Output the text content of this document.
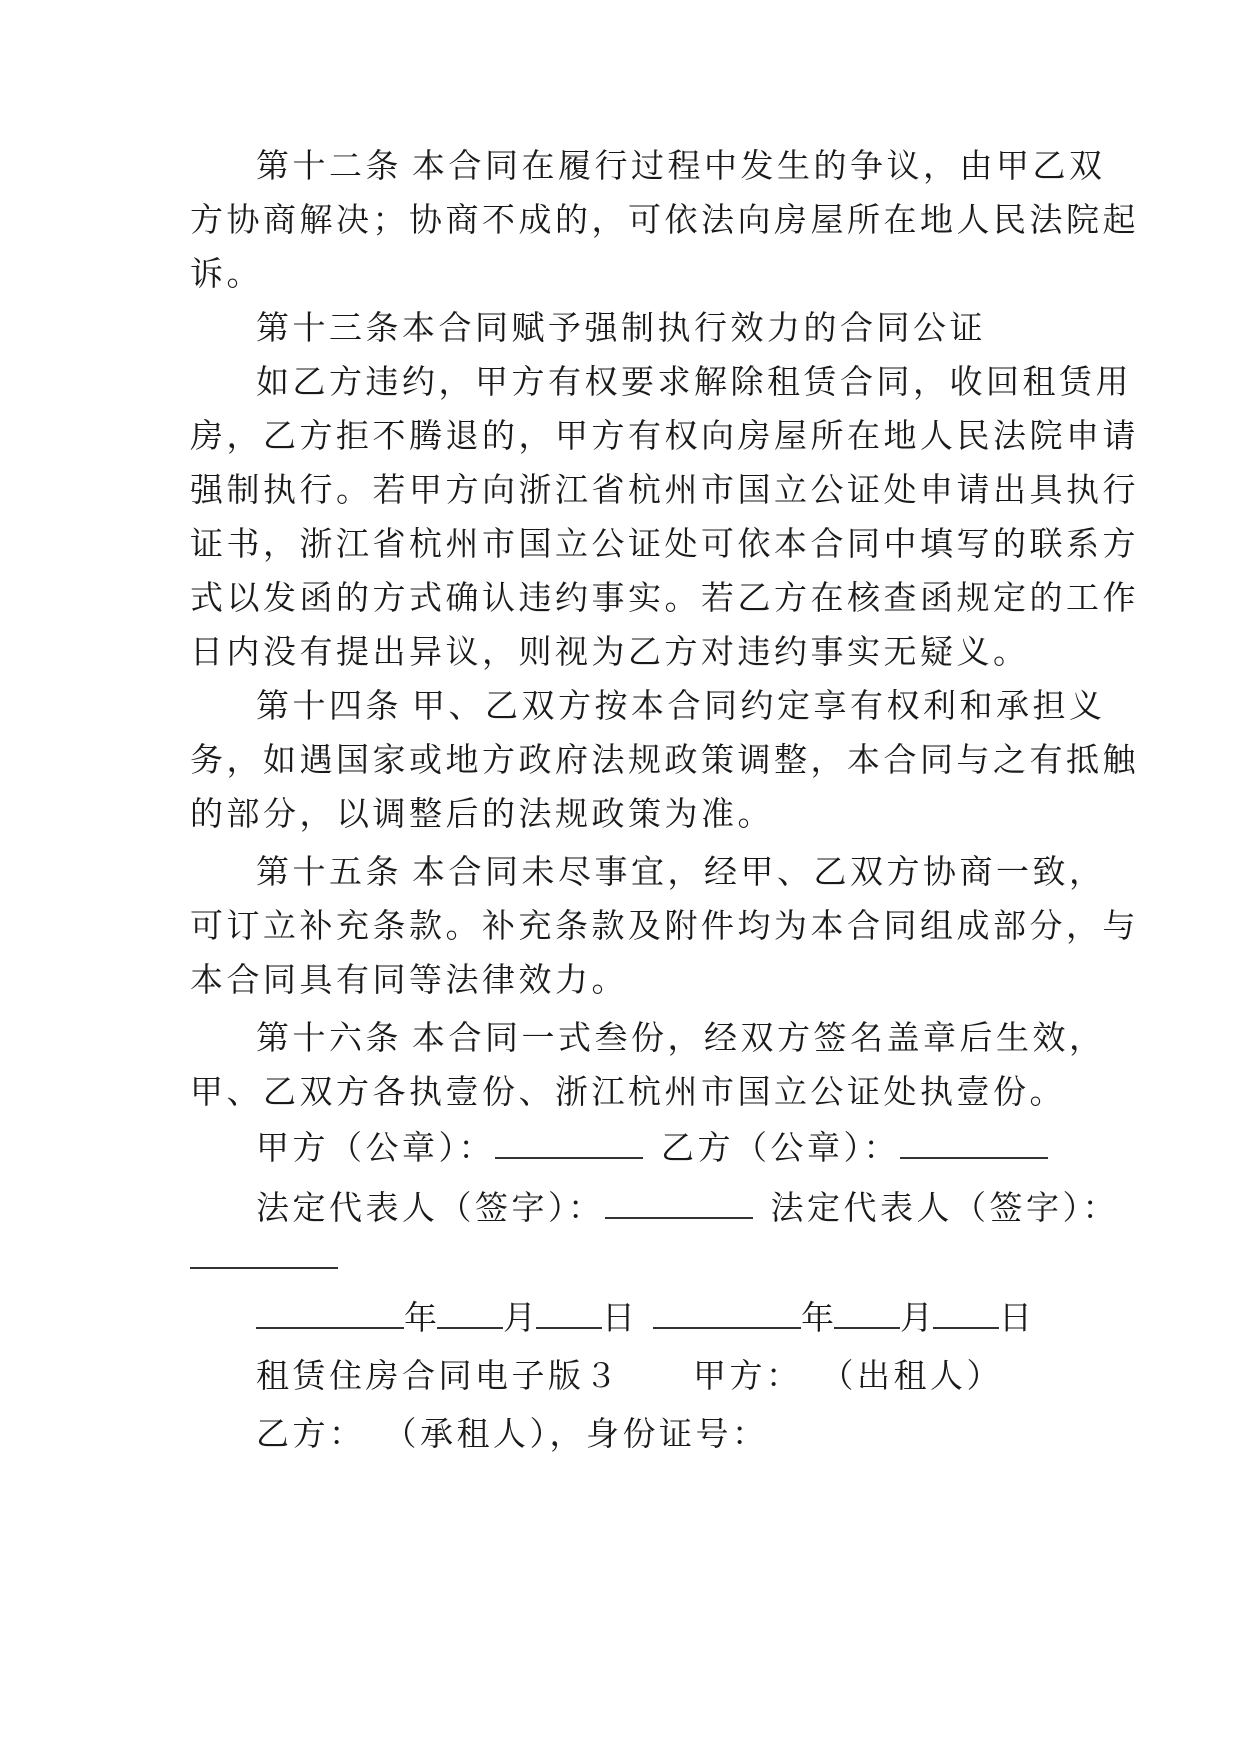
第十二条 本合同在履行过程中发生的争议，由甲乙双
方协商解决；协商不成的，可依法向房屋所在地人民法院起
诉。
第十三条本合同赋予强制执行效力的合同公证
如乙方违约，甲方有权要求解除租赁合同，收回租赁用
房，乙方拒不腾退的，甲方有权向房屋所在地人民法院申请
强制执行。若甲方向浙江省杭州市国立公证处申请出具执行
证书，浙江省杭州市国立公证处可依本合同中填写的联系方
式以发函的方式确认违约事实。若乙方在核查函规定的工作
日内没有提出异议，则视为乙方对违约事实无疑义。
第十四条 甲、乙双方按本合同约定享有权利和承担义
务，如遇国家或地方政府法规政策调整，本合同与之有抵触
的部分，以调整后的法规政策为准。
第十五条 本合同未尽事宜，经甲、乙双方协商一致，
可订立补充条款。补充条款及附件均为本合同组成部分，与
本合同具有同等法律效力。
第十六条 本合同一式叁份，经双方签名盖章后生效，
甲、乙双方各执壹份、浙江杭州市国立公证处执壹份。
甲方（公章）：	乙方（公章）：
法定代表人（签字）：	法定代表人（签字）：
年 月 日	年 月 日
租赁住房合同电子版３ 甲方： （出租人）
乙方： （承租人），身份证号：
